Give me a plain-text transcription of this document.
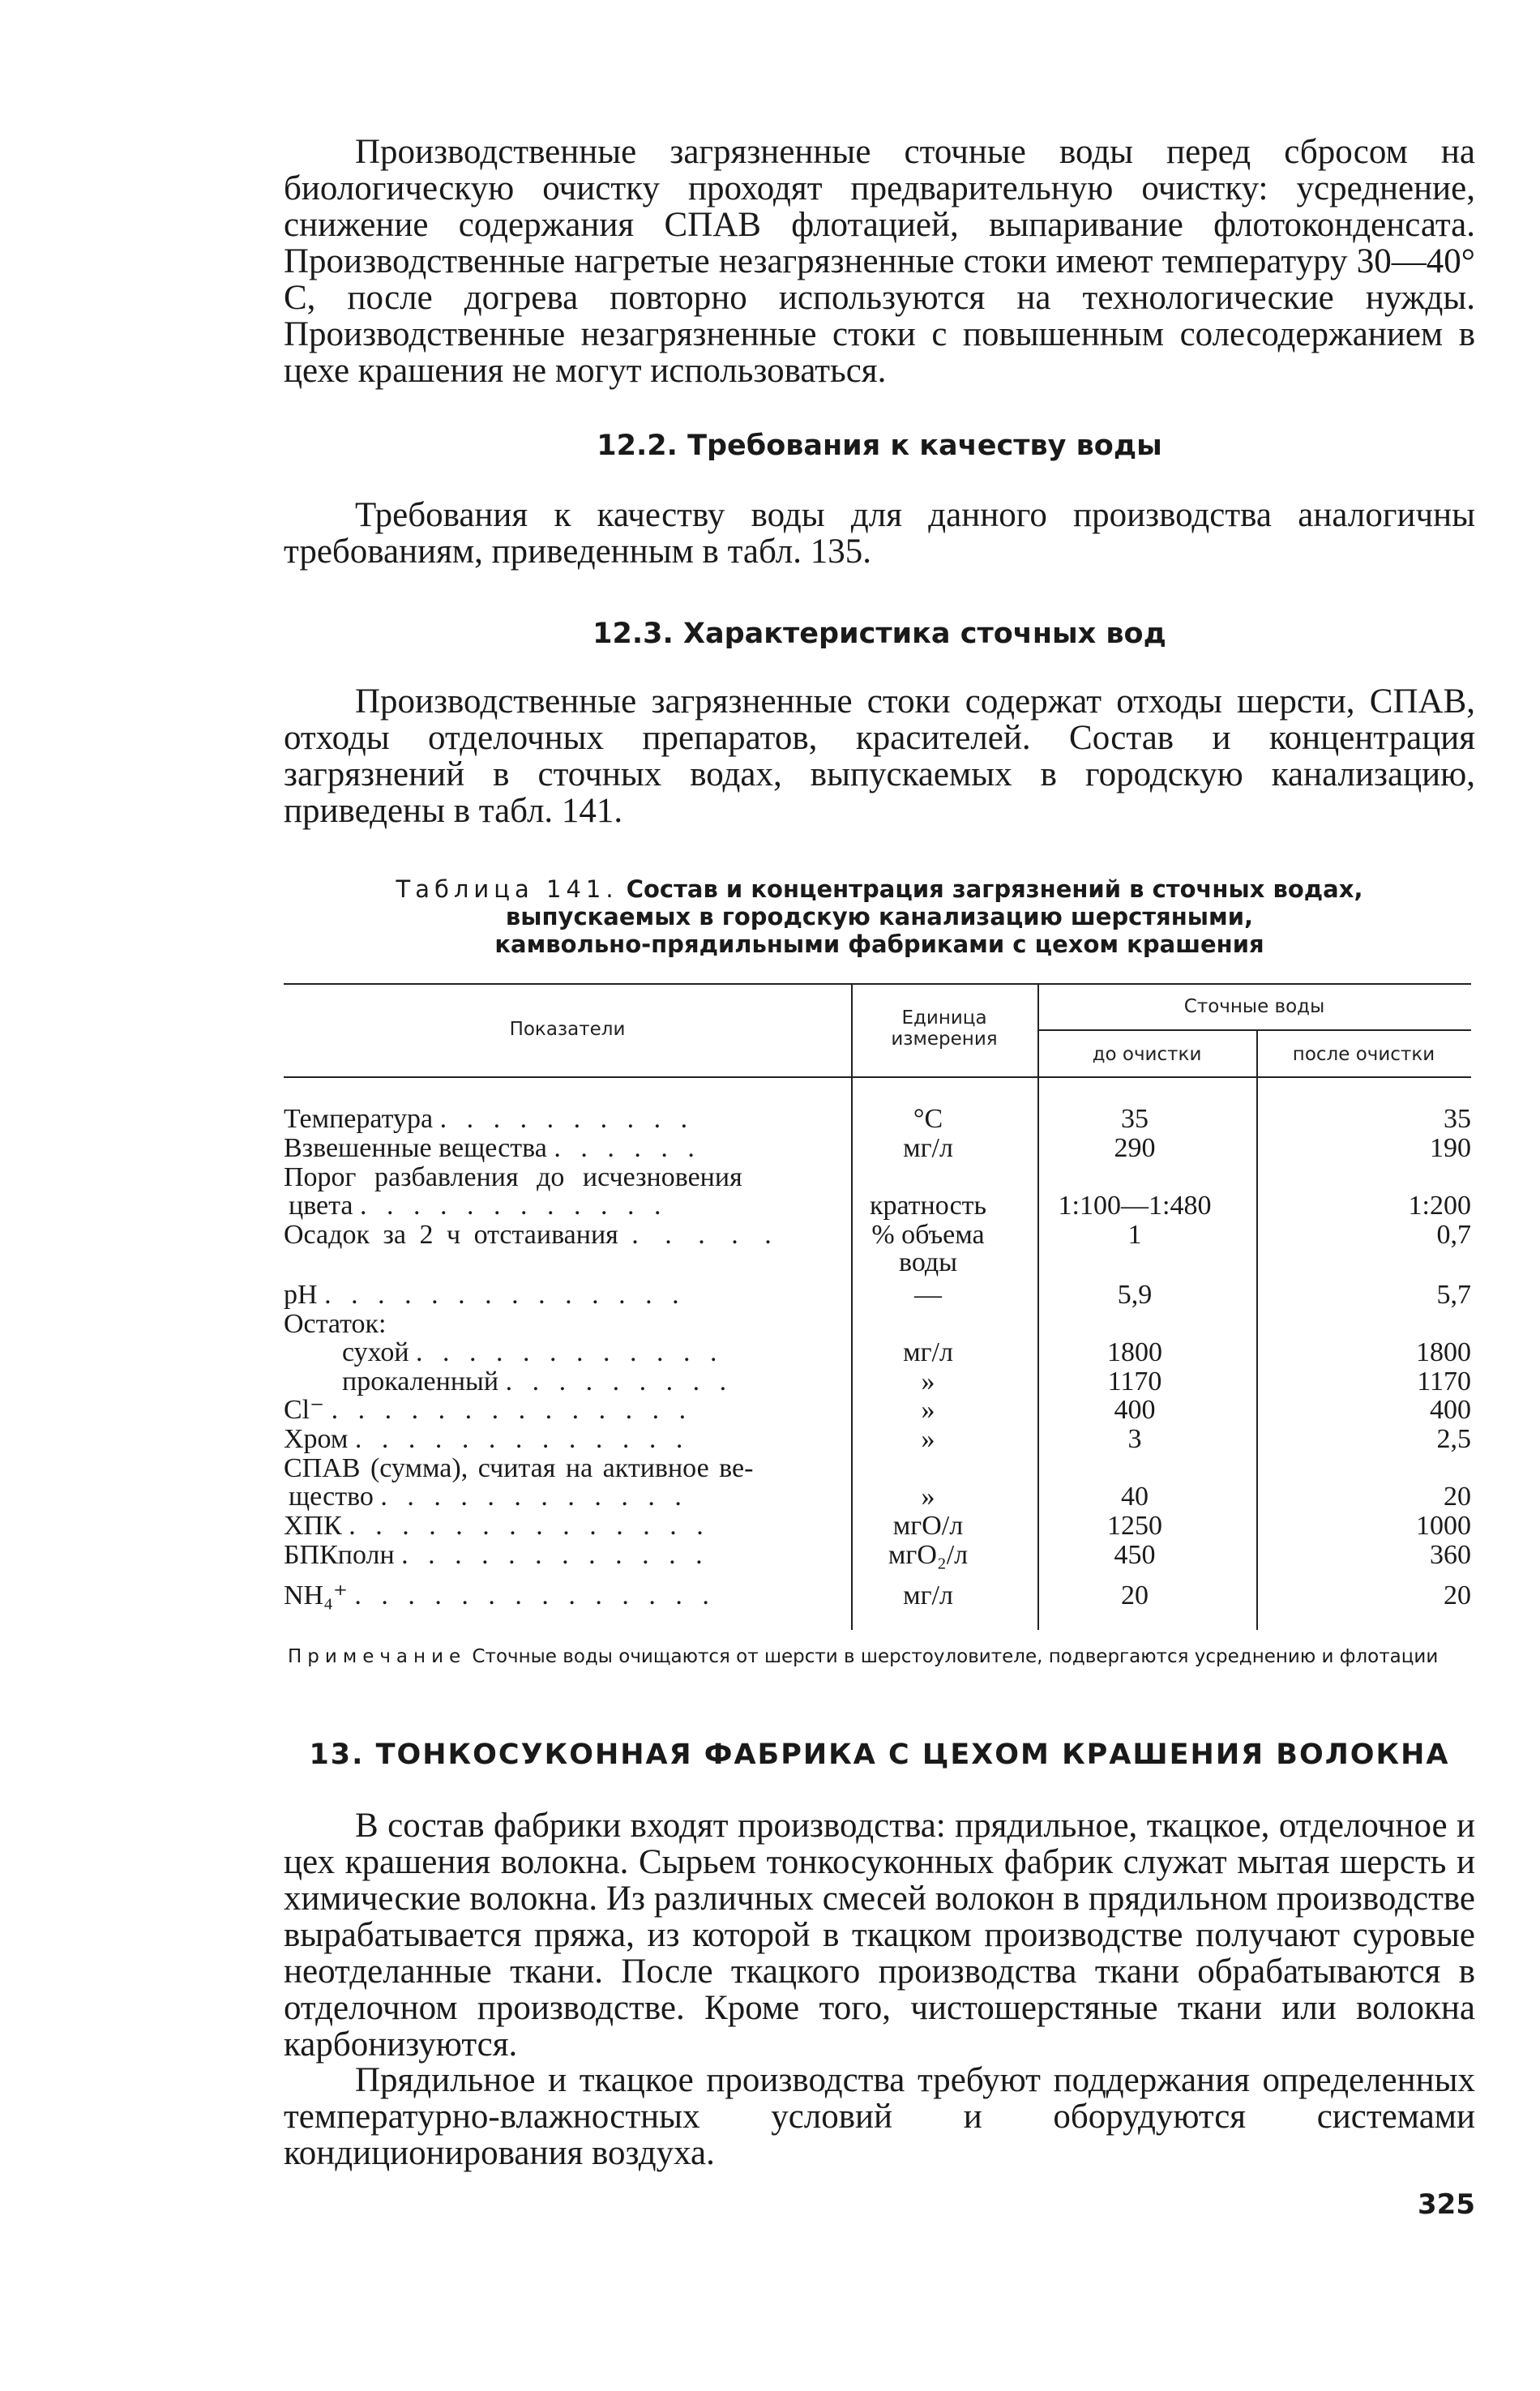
Производственные загрязненные сточные воды перед сбросом на биологическую очистку проходят предварительную очистку: усреднение, снижение содержания СПАВ флотацией, выпаривание флотоконденсата. Производственные нагретые незагрязненные стоки имеют температуру 30—40° С, после догрева повторно используются на технологические нужды. Производственные незагрязненные стоки с повышенным солесодержанием в цехе крашения не могут использоваться.

12.2. Требования к качеству воды

Требования к качеству воды для данного производства аналогичны требованиям, приведенным в табл. 135.

12.3. Характеристика сточных вод

Производственные загрязненные стоки содержат отходы шерсти, СПАВ, отходы отделочных препаратов, красителей. Состав и концентрация загрязнений в сточных водах, выпускаемых в городскую канализацию, приведены в табл. 141.

Таблица 141. Состав и концентрация загрязнений в сточных водах,
выпускаемых в городскую канализацию шерстяными,
камвольно-прядильными фабриками с цехом крашения
Показатели
Единица измерения
Сточные воды
до очистки	после очистки
Температура . . . . . . . . . .	°C	35	35
Взвешенные вещества . . . . . .	мг/л	290	190
Порог разбавления до исчезновения
цвета . . . . . . . . . . . .	кратность	1:100—1:480	1:200
Осадок за 2 ч отстаивания . . . . .	% объема	1	0,7
воды
pH . . . . . . . . . . . . . .	—	5,9	5,7
Остаток:
сухой . . . . . . . . . . . .	мг/л	1800	1800
прокаленный . . . . . . . . .	»	1170	1170
Cl⁻ . . . . . . . . . . . . . .	»	400	400
Хром . . . . . . . . . . . . .	»	3	2,5
СПАВ (сумма), считая на активное ве-
щество . . . . . . . . . . . .	»	40	20
ХПК . . . . . . . . . . . . . .	мгO/л	1250	1000
БПКполн . . . . . . . . . . . .	мгO₂/л	450	360
NH₄⁺ . . . . . . . . . . . . . .	мг/л	20	20

Примечание Сточные воды очищаются от шерсти в шерстоуловителе, подвергаются усреднению и флотации

13. ТОНКОСУКОННАЯ ФАБРИКА С ЦЕХОМ КРАШЕНИЯ ВОЛОКНА

В состав фабрики входят производства: прядильное, ткацкое, отделочное и цех крашения волокна. Сырьем тонкосуконных фабрик служат мытая шерсть и химические волокна. Из различных смесей волокон в прядильном производстве вырабатывается пряжа, из которой в ткацком производстве получают суровые неотделанные ткани. После ткацкого производства ткани обрабатываются в отделочном производстве. Кроме того, чистошерстяные ткани или волокна карбонизуются.

Прядильное и ткацкое производства требуют поддержания определенных температурно-влажностных условий и оборудуются системами кондиционирования воздуха.

325
